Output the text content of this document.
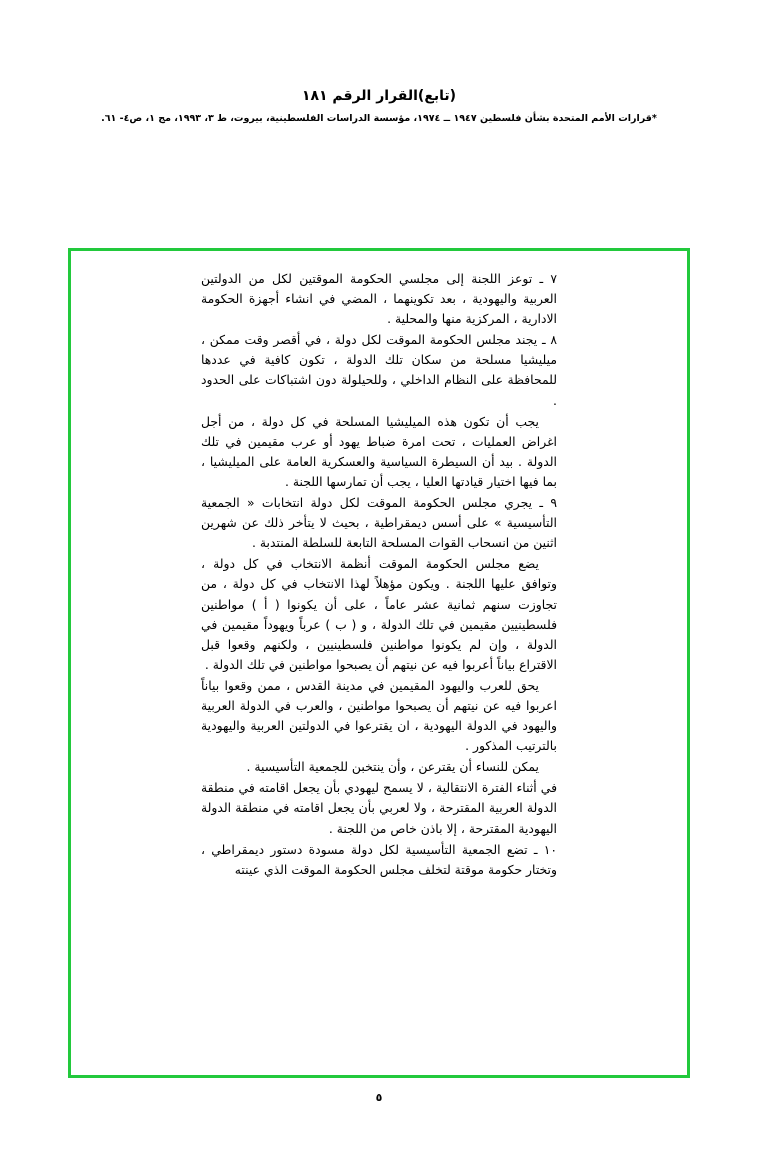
(تابع)القرار الرقم ١٨١
*قرارات الأمم المتحدة بشأن فلسطين ١٩٤٧ ــ ١٩٧٤، مؤسسة الدراسات الفلسطينية، بيروت، ط ٣، ١٩٩٣، مج ١، ص٤- ٦١.

٧ ـ توعز اللجنة إلى مجلسي الحكومة الموقتين لكل من الدولتين العربية واليهودية ، بعد تكوينهما ، المضي في انشاء أجهزة الحكومة الادارية ، المركزية منها والمحلية .

٨ ـ يجند مجلس الحكومة الموقت لكل دولة ، في أقصر وقت ممكن ، ميليشيا مسلحة من سكان تلك الدولة ، تكون كافية في عددها للمحافظة على النظام الداخلي ، وللحيلولة دون اشتباكات على الحدود .

يجب أن تكون هذه الميليشيا المسلحة في كل دولة ، من أجل اغراض العمليات ، تحت امرة ضباط يهود أو عرب مقيمين في تلك الدولة . بيد أن السيطرة السياسية والعسكرية العامة على الميليشيا ، بما فيها اختيار قيادتها العليا ، يجب أن تمارسها اللجنة .

٩ ـ يجري مجلس الحكومة الموقت لكل دولة انتخابات « الجمعية التأسيسية » على أسس ديمقراطية ، بحيث لا يتأخر ذلك عن شهرين اثنين من انسحاب القوات المسلحة التابعة للسلطة المنتدبة .

يضع مجلس الحكومة الموقت أنظمة الانتخاب في كل دولة ، وتوافق عليها اللجنة . ويكون مؤهلاً لهذا الانتخاب في كل دولة ، من تجاوزت سنهم ثمانية عشر عاماً ، على أن يكونوا ( أ ) مواطنين فلسطينيين مقيمين في تلك الدولة ، و ( ب ) عرباً ويهوداً مقيمين في الدولة ، وإن لم يكونوا مواطنين فلسطينيين ، ولكنهم وقعوا قبل الاقتراع بياناً أعربوا فيه عن نيتهم أن يصبحوا مواطنين في تلك الدولة .

يحق للعرب واليهود المقيمين في مدينة القدس ، ممن وقعوا بياناً اعربوا فيه عن نيتهم أن يصبحوا مواطنين ، والعرب في الدولة العربية واليهود في الدولة اليهودية ، ان يقترعوا في الدولتين العربية واليهودية بالترتيب المذكور .

يمكن للنساء أن يقترعن ، وأن ينتخبن للجمعية التأسيسية .

في أثناء الفترة الانتقالية ، لا يسمح ليهودي بأن يجعل اقامته في منطقة الدولة العربية المقترحة ، ولا لعربي بأن يجعل اقامته في منطقة الدولة اليهودية المقترحة ، إلا باذن خاص من اللجنة .

١٠ ـ تضع الجمعية التأسيسية لكل دولة مسودة دستور ديمقراطي ، وتختار حكومة موقتة لتخلف مجلس الحكومة الموقت الذي عينته

٥
